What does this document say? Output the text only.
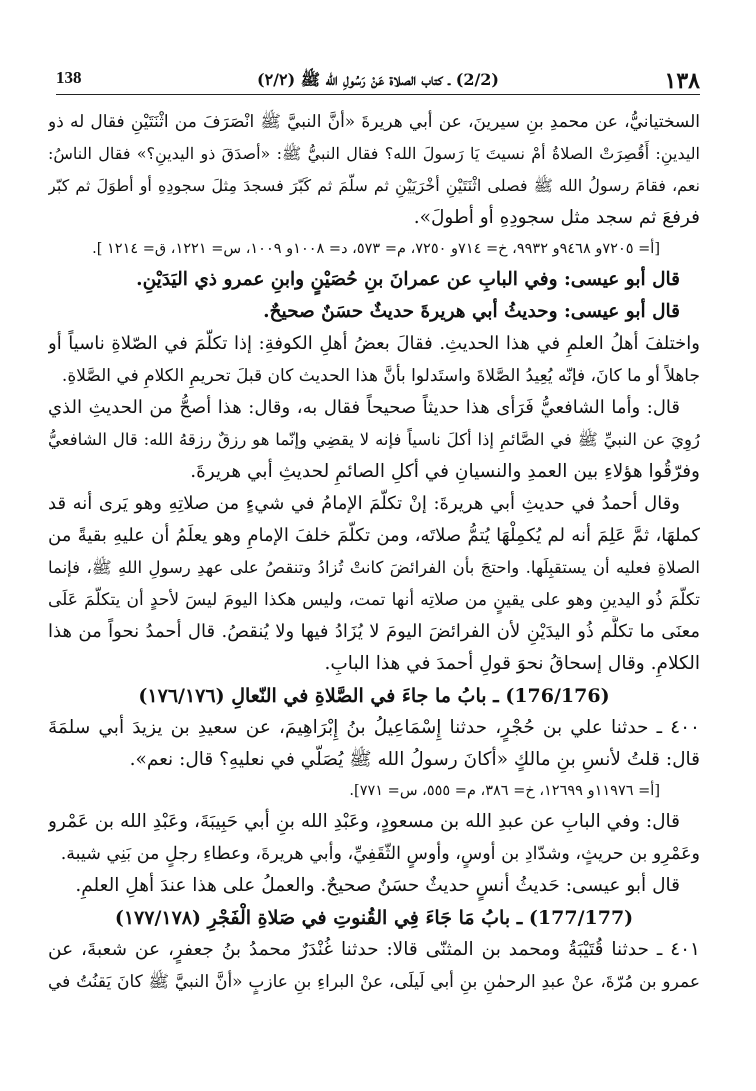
١٣٨
(2/2) ـ كتاب الصلاة عَنْ رَسُولِ الله ﷺ (٢/٢)
138
السختيانيُّ، عن محمدِ بنِ سيرينَ، عن أبي هريرةَ «أنَّ النبيَّ ﷺ انْصَرَفَ من اثْنَتَيْنِ فقال له ذو
اليدينِ: أَقُصِرَتْ الصلاةُ أمْ نسيتَ يَا رَسولَ الله؟ فقال النبيُّ ﷺ: «أصدَقَ ذو اليدينِ؟» فقال الناسُ:
نعم، فقامَ رسولُ الله ﷺ فصلى اثْنَتَيْنِ أخْرَيَيْنِ ثم سلّمَ ثم كَبّرَ فسجدَ مِثلَ سجودِهِ أو أطوَلَ ثم كبّر
فرفعَ ثم سجد مثل سجودِهِ أو أطولَ».
[أ= ٧٢٠٥و ٩٤٦٨و ٩٩٣٢، خ= ٧١٤و ٧٢٥٠، م= ٥٧٣، د= ١٠٠٨و ١٠٠٩، س= ١٢٢١، ق= ١٢١٤ ].
قال أبو عيسى: وفي البابِ عن عمرانَ بنِ حُصَيْنٍ وابنِ عمرو ذي اليَدَيْنِ.
قال أبو عيسى: وحديثُ أبي هريرةَ حديثٌ حسَنٌ صحيحٌ.
واختلفَ أهلُ العلمِ في هذا الحديثِ. فقالَ بعضُ أهلِ الكوفةِ: إذا تكلّمَ في الصّلاةِ ناسياً أو
جاهلاً أو ما كانَ، فإنّه يُعِيدُ الصَّلاةَ واستَدلوا بأنَّ هذا الحديث كان قبلَ تحريمِ الكلامِ في الصَّلاةِ.
قال: وأما الشافعيُّ فَرَأى هذا حديثاً صحيحاً فقال به، وقال: هذا أصحُّ من الحديثِ الذي
رُوِيَ عن النبيِّ ﷺ في الصَّائمِ إذا أكلَ ناسياً فإنه لا يقضِي وإنّما هو رزقٌ رزقهُ الله: قال الشافعيُّ
وفرّقُوا هؤلاءِ بين العمدِ والنسيانِ في أكلِ الصائمِ لحديثِ أبي هريرةَ.
وقال أحمدُ في حديثِ أبي هريرةَ: إنْ تكلّمَ الإمامُ في شيءٍ من صلاتِهِ وهو يَرى أنه قد
كملهَا، ثمَّ عَلِمَ أنه لم يُكمِلْهَا يُتمُّ صلاتَه، ومن تكلّمَ خلفَ الإمامِ وهو يعلَمُ أن عليهِ بقيةً من
الصلاةِ فعليه أن يستقبِلَها. واحتجَ بأن الفرائضَ كانتْ تُزادُ وتنقصُ على عهدِ رسولِ اللهِ ﷺ، فإنما
تكلّمَ ذُو اليدينِ وهو على يقينٍ من صلاتِه أنها تمت، وليس هكذا اليومَ ليسَ لأحدٍ أن يتكلّمَ عَلَى
معنَى ما تكلَّم ذُو اليدَيْنِ لأن الفرائضَ اليومَ لا يُزَادُ فيها ولا يُنقصُ. قال أحمدُ نحواً من هذا
الكلامِ. وقال إسحاقُ نحوَ قولِ أحمدَ في هذا البابِ.
(176/176) ـ بابُ ما جاءَ في الصَّلاةِ في النّعالِ (١٧٦/١٧٦)
٤٠٠ ـ حدثنا علي بن حُجْرٍ، حدثنا إِسْمَاعِيلُ بنُ إِبْرَاهِيمَ، عن سعيدِ بن يزيدَ أبي سلمَةَ
قال: قلتُ لأنسِ بنِ مالكٍ «أكانَ رسولُ الله ﷺ يُصَلّي في نعليهِ؟ قال: نعم».
[أ= ١١٩٧٦و ١٢٦٩٩، خ= ٣٨٦، م= ٥٥٥، س= ٧٧١].
قال: وفي البابِ عن عبدِ الله بن مسعودٍ، وعَبْدِ الله بنِ أبي حَبِيبَةَ، وعَبْدِ الله بن عَمْرو
وعَمْرِو بن حريثٍ، وشدّادِ بن أوسٍ، وأوسٍ الثّقَفِيِّ، وأبي هريرةَ، وعطاءِ رجلٍ من بَنِي شيبة.
قال أبو عيسى: حَديثُ أنسٍ حديثٌ حسَنٌ صحيحٌ. والعملُ على هذا عندَ أهلِ العلمِ.
(177/177) ـ بابُ مَا جَاءَ فِي القُنوتِ في صَلاةِ الْفَجْرِ (١٧٧/١٧٨)
٤٠١ ـ حدثنا قُتَيْبَةُ ومحمد بن المثنّى قالا: حدثنا غُنْدَرٌ محمدُ بنُ جعفرٍ، عن شعبةَ، عن
عمرو بن مُرّةَ، عنْ عبدِ الرحمٰنِ بنِ أبي لَيلَى، عنْ البراءِ بنِ عازبٍ «أنَّ النبيَّ ﷺ كانَ يَقنُتُ في
